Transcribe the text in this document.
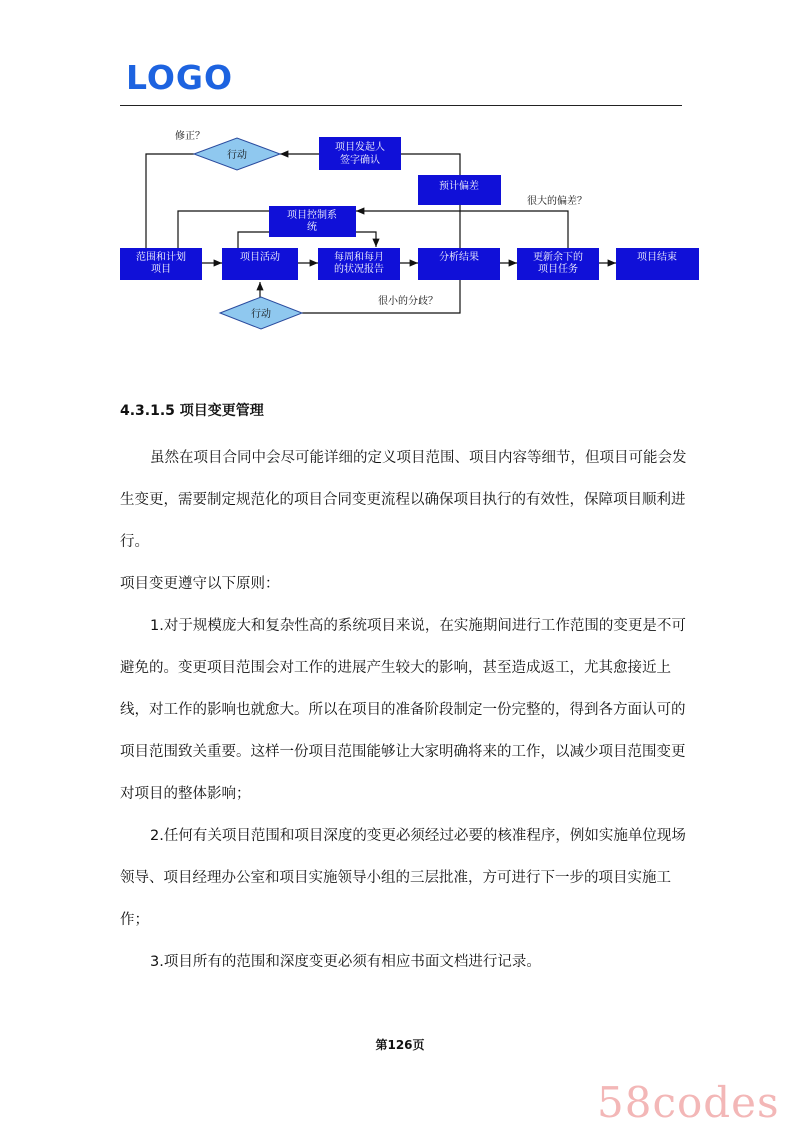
LOGO
行动
行动
项目发起人
签字确认
预计偏差
项目控制系
统
范围和计划
项目
项目活动	每周和每月
的状况报告
分析结果	更新余下的
项目任务
项目结束
修正？
很大的偏差？
很小的分歧？
4.3.1.5 项目变更管理

虽然在项目合同中会尽可能详细的定义项目范围、项目内容等细节，但项目可能会发生变更，需要制定规范化的项目合同变更流程以确保项目执行的有效性，保障项目顺利进行。

项目变更遵守以下原则：

1.对于规模庞大和复杂性高的系统项目来说，在实施期间进行工作范围的变更是不可避免的。变更项目范围会对工作的进展产生较大的影响，甚至造成返工，尤其愈接近上线，对工作的影响也就愈大。所以在项目的准备阶段制定一份完整的，得到各方面认可的项目范围致关重要。这样一份项目范围能够让大家明确将来的工作，以减少项目范围变更对项目的整体影响；

2.任何有关项目范围和项目深度的变更必须经过必要的核准程序，例如实施单位现场领导、项目经理办公室和项目实施领导小组的三层批准，方可进行下一步的项目实施工作；

3.项目所有的范围和深度变更必须有相应书面文档进行记录。

第126页
58codes
